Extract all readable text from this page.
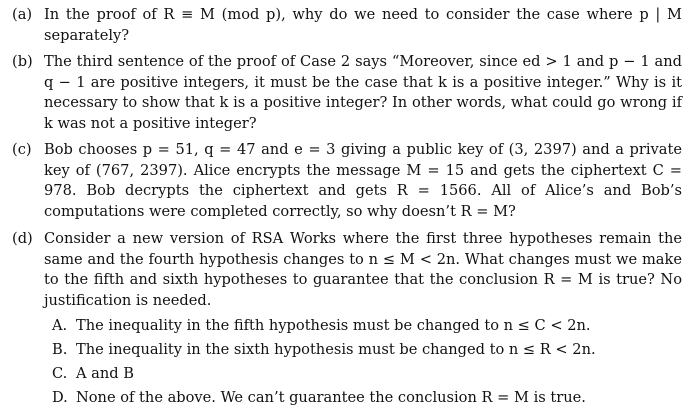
(a) In the proof of R ≡ M (mod p), why do we need to consider the case where p | M separately?
(b) The third sentence of the proof of Case 2 says “Moreover, since ed > 1 and p − 1 and q − 1 are positive integers, it must be the case that k is a positive integer.” Why is it necessary to show that k is a positive integer? In other words, what could go wrong if k was not a positive integer?
(c) Bob chooses p = 51, q = 47 and e = 3 giving a public key of (3, 2397) and a private key of (767, 2397). Alice encrypts the message M = 15 and gets the ciphertext C = 978. Bob decrypts the ciphertext and gets R = 1566. All of Alice’s and Bob’s computations were completed correctly, so why doesn’t R = M?
(d) Consider a new version of RSA Works where the first three hypotheses remain the same and the fourth hypothesis changes to n ≤ M < 2n. What changes must we make to the fifth and sixth hypotheses to guarantee that the conclusion R = M is true? No justification is needed.
A. The inequality in the fifth hypothesis must be changed to n ≤ C < 2n.
B. The inequality in the sixth hypothesis must be changed to n ≤ R < 2n.
C. A and B
D. None of the above. We can’t guarantee the conclusion R = M is true.
